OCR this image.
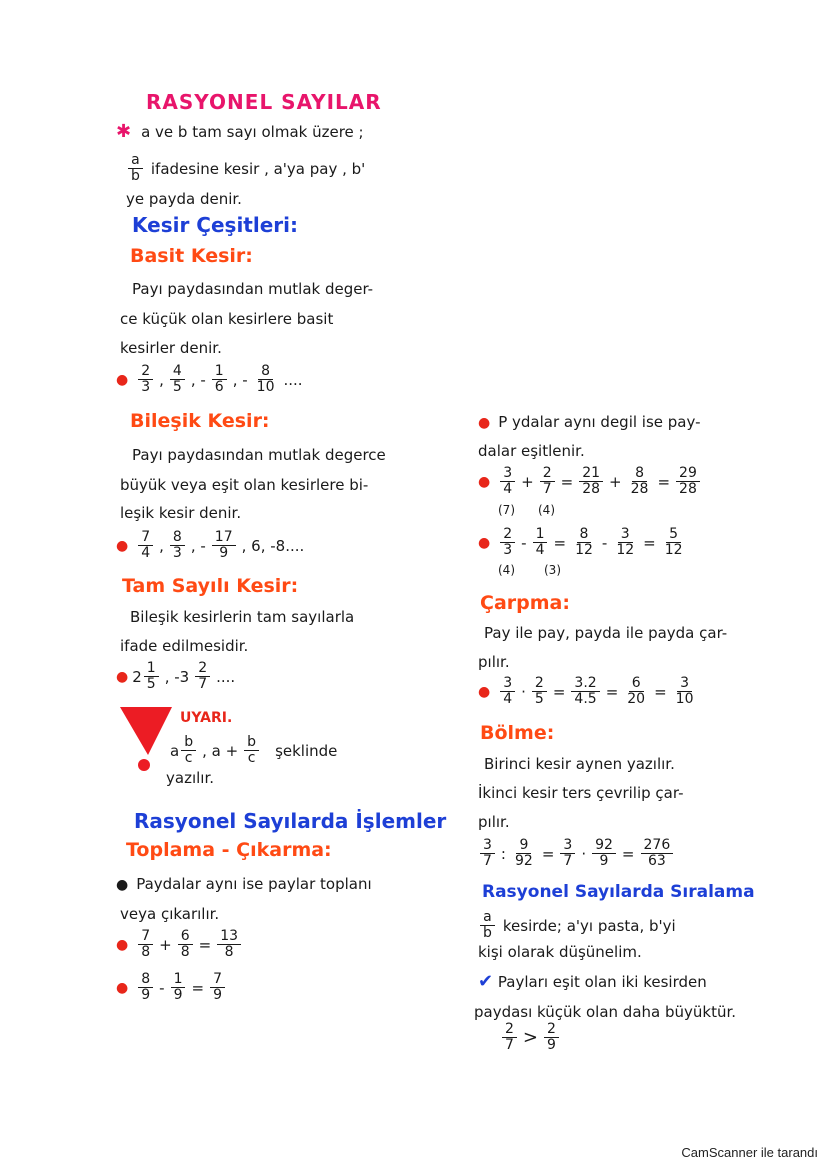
RASYONEL SAYILAR
✱ a ve b tam sayı olmak üzere ;
$\frac{a}{b}$ ifadesine kesir , a'ya pay , b'
ye payda denir.
Kesir Çeşitleri:
Basit Kesir:
Payı paydasından mutlak deger-
ce küçük olan kesirlere basit
kesirler denir.
● $\frac{2}{3}$ , $\frac{4}{5}$ , - $\frac{1}{6}$ , - $\frac{8}{10}$ ....
Bileşik Kesir:
Payı paydasından mutlak degerce
büyük veya eşit olan kesirlere bi-
leşik kesir denir.
● $\frac{7}{4}$ , $\frac{8}{3}$ , - $\frac{17}{9}$ , 6, -8....
Tam Sayılı Kesir:
Bileşik kesirlerin tam sayılarla
ifade edilmesidir.
● $2 \frac{1}{5}$ , $-3 \frac{2}{7}$ ....
UYARI.
a $\frac{b}{c}$ , $a + \frac{b}{c}$ şeklinde
yazılır.
Rasyonel Sayılarda İşlemler
Toplama - Çıkarma:
● Paydalar aynı ise paylar toplanı
veya çıkarılır.
● $\frac{7}{8} + \frac{6}{8} = \frac{13}{8}$
● $\frac{8}{9} - \frac{1}{9} = \frac{7}{9}$
● P ydalar aynı degil ise pay-
dalar eşitlenir.
● $\frac{3}{4} + \frac{2}{7} = \frac{21}{28} + \frac{8}{28} = \frac{29}{28}$
(7) (4)
● $\frac{2}{3} - \frac{1}{4} = \frac{8}{12} - \frac{3}{12} = \frac{5}{12}$
(4) (3)
Çarpma:
Pay ile pay, payda ile payda çar-
pılır.
● $\frac{3}{4} \cdot \frac{2}{5} = \frac{3.2}{4.5} = \frac{6}{20} = \frac{3}{10}$
Bölme:
Birinci kesir aynen yazılır.
İkinci kesir ters çevrilip çar-
pılır.
$\frac{3}{7}$ : $\frac{9}{92} = \frac{3}{7} \cdot \frac{92}{9} = \frac{276}{63}$
Rasyonel Sayılarda Sıralama
$\frac{a}{b}$ kesirde; a'yı pasta, b'yi
kişi olarak düşünelim.
✔ Payları eşit olan iki kesirden
paydası küçük olan daha büyüktür.
$\frac{2}{7} > \frac{2}{9}$
CamScanner ile tarandı
